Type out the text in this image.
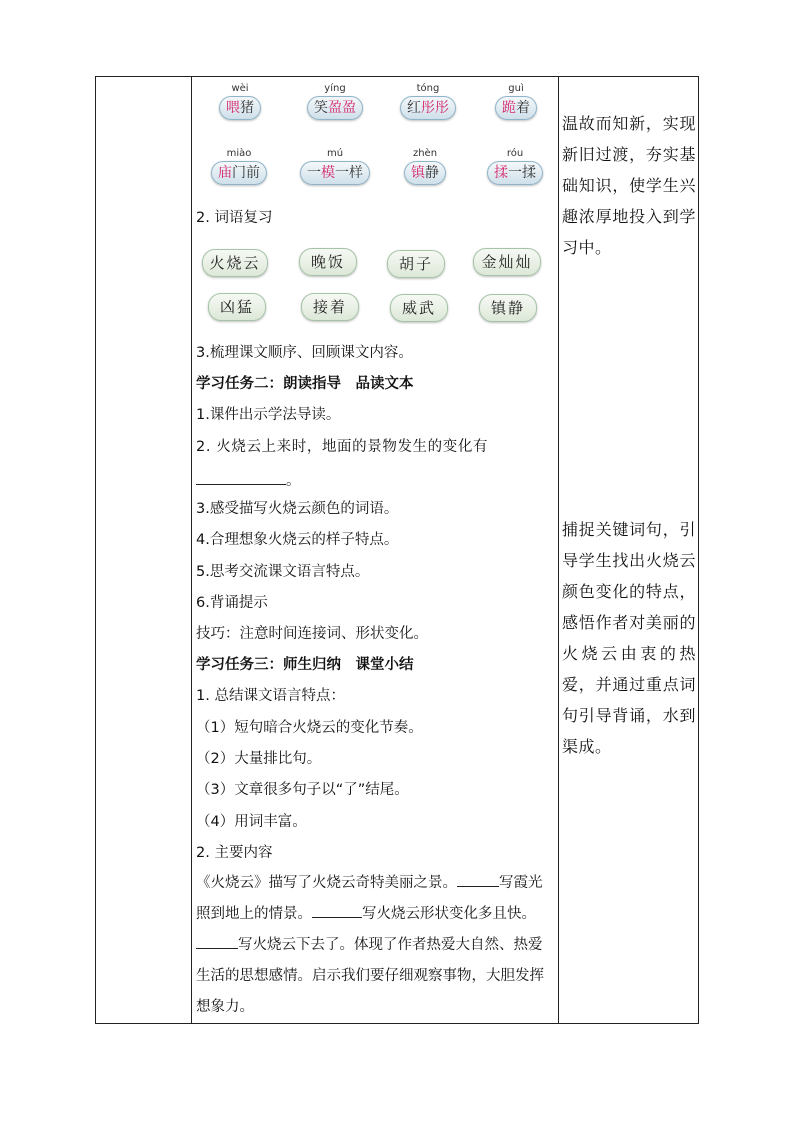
wèi
喂猪
yíng
笑盈盈
tóng
红彤彤
guì
跪着
miào
庙门前
mú
一模一样
zhèn
镇静
róu
揉一揉
2. 词语复习
火烧云	晚饭	胡子	金灿灿
凶猛	接着	威武	镇静
3.梳理课文顺序、回顾课文内容。
学习任务二：朗读指导　品读文本
1.课件出示学法导读。
2. 火烧云上来时，地面的景物发生的变化有
。
3.感受描写火烧云颜色的词语。
4.合理想象火烧云的样子特点。
5.思考交流课文语言特点。
6.背诵提示
技巧：注意时间连接词、形状变化。
学习任务三：师生归纳　课堂小结
1. 总结课文语言特点：
（1）短句暗合火烧云的变化节奏。
（2）大量排比句。
（3）文章很多句子以“了”结尾。
（4）用词丰富。
2. 主要内容
《火烧云》描写了火烧云奇特美丽之景。	写霞光照到地上的情景。	写火烧云形状变化多且快。　写火烧云下去了。体现了作者热爱大自然、热爱生活的思想感情。启示我们要仔细观察事物，大胆发挥想象力。
温故而知新，实现新旧过渡，夯实基础知识，使学生兴趣浓厚地投入到学习中。
捕捉关键词句，引导学生找出火烧云颜色变化的特点，感悟作者对美丽的火烧云由衷的热爱，并通过重点词句引导背诵，水到渠成。
